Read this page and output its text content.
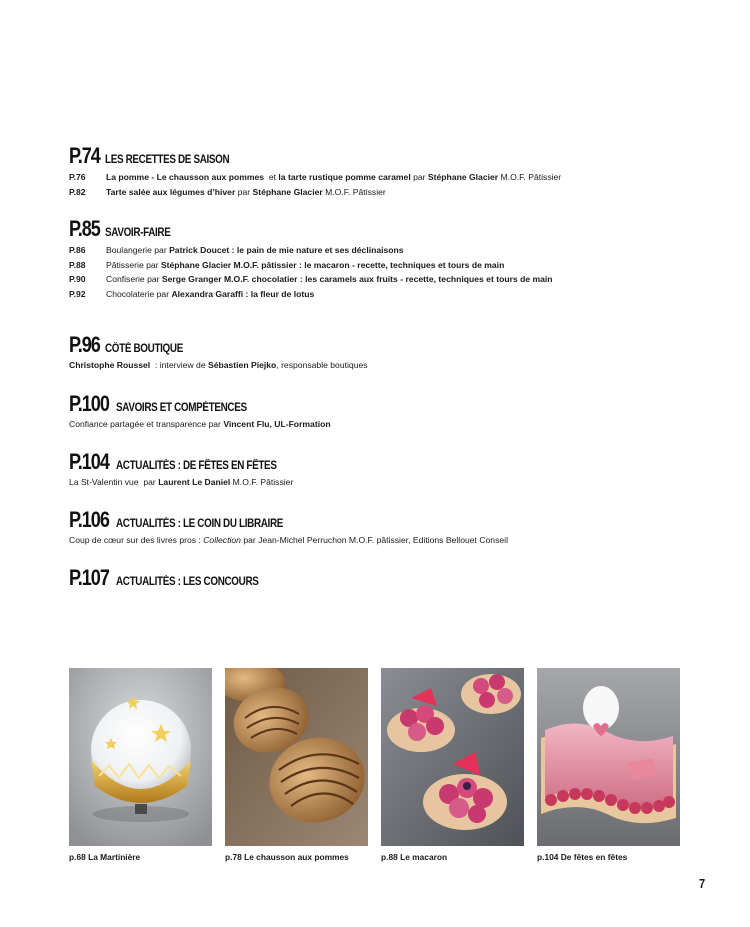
P.74 LES RECETTES DE SAISON
P.76	La pomme - Le chausson aux pommes  et la tarte rustique pomme caramel par Stéphane Glacier M.O.F. Pâtissier
P.82	Tarte salée aux légumes d’hiver par Stéphane Glacier M.O.F. Pâtissier
P.85 SAVOIR-FAIRE
P.86	Boulangerie par Patrick Doucet : le pain de mie nature et ses déclinaisons
P.88	Pâtisserie par Stéphane Glacier M.O.F. pâtissier : le macaron - recette, techniques et tours de main
P.90	Confiserie par Serge Granger M.O.F. chocolatier : les caramels aux fruits - recette, techniques et tours de main
P.92	Chocolaterie par Alexandra Garaffi : la fleur de lotus
P.96 CÔTÉ BOUTIQUE
Christophe Roussel  : interview de Sébastien Piejko, responsable boutiques
P.100 SAVOIRS ET COMPÉTENCES
Confiance partagée et transparence par Vincent Flu, UL-Formation
P.104 ACTUALITÉS : DE FÊTES EN FÊTES
La St-Valentin vue  par Laurent Le Daniel M.O.F. Pâtissier
P.106 ACTUALITÉS : LE COIN DU LIBRAIRE
Coup de cœur sur des livres pros : Collection par Jean-Michel Perruchon M.O.F. pâtissier, Editions Bellouet Conseil
P.107 ACTUALITÉS : LES CONCOURS
p.68 La Martinière	p.78 Le chausson aux pommes	p.88 Le macaron	p.104 De fêtes en fêtes
7
